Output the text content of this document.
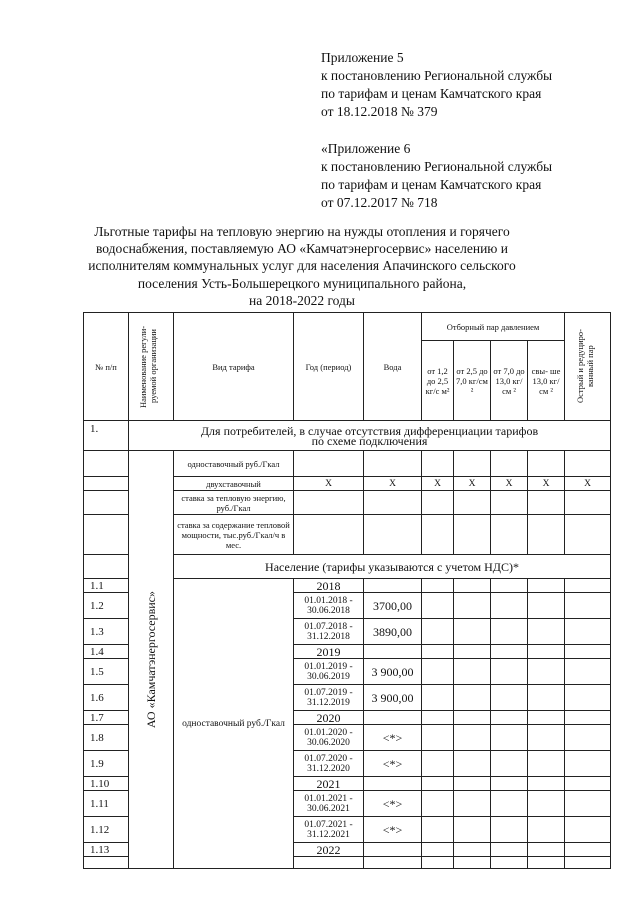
Приложение 5
к постановлению Региональной службы
по тарифам и ценам Камчатского края
от 18.12.2018 № 379
«Приложение 6
к постановлению Региональной службы
по тарифам и ценам Камчатского края
от 07.12.2017 № 718
Льготные тарифы на тепловую энергию на нужды отопления и горячего
водоснабжения, поставляемую АО «Камчатэнергосервис» населению и
исполнителям коммунальных услуг для населения Апачинского сельского
поселения Усть-Большерецкого муниципального района,
на 2018-2022 годы
№ п/п	Наименование регули- руемой организации	Вид тарифа	Год (период)	Вода	Отборный пар давлением				Острый и редуциро- ванный пар

					от 1,2 до 2,5 кг/с м²	от 2,5 до 7,0 кг/см ²	от 7,0 до 13,0 кг/см ²	свы- ше 13,0 кг/см ²	
1.	Для потребителей, в случае отсутствия дифференциации тарифов
по схеме подключения								

	АО «Камчатэнергосервис»	одноставочный руб./Гкал							
		двухставочный	X	X	X	X	X	X	X
		ставка за тепловую энергию, руб./Гкал							
		ставка за содержание тепловой мощности, тыс.руб./Гкал/ч в мес.							
		Население (тарифы указываются с учетом НДС)*							
1.1		одноставочный руб./Гкал	2018						
1.2			01.01.2018 - 30.06.2018	3700,00					
1.3			01.07.2018 - 31.12.2018	3890,00					
1.4			2019						
1.5			01.01.2019 - 30.06.2019	3 900,00					
1.6			01.07.2019 - 31.12.2019	3 900,00					
1.7			2020						
1.8			01.01.2020 - 30.06.2020	<*>					
1.9			01.07.2020 - 31.12.2020	<*>					
1.10			2021						
1.11			01.01.2021 - 30.06.2021	<*>					
1.12			01.07.2021 - 31.12.2021	<*>					
1.13			2022						
